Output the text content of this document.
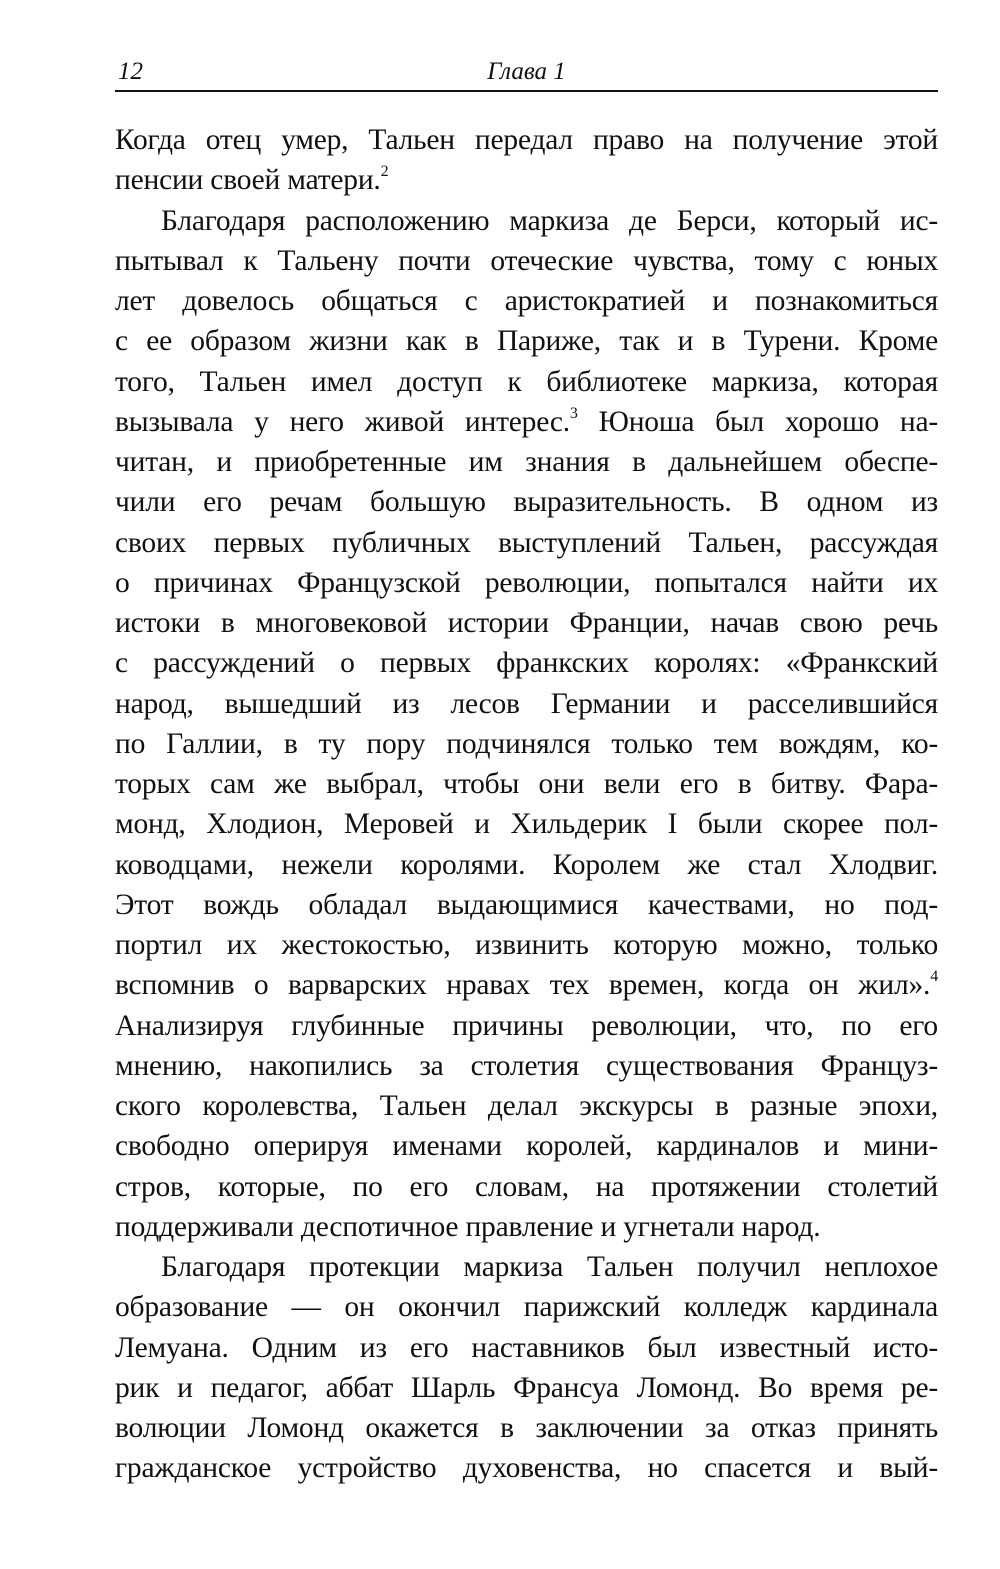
12	Глава 1
Когда отец умер, Тальен передал право на получение этой
пенсии своей матери.$^2$
Благодаря расположению маркиза де Берси, который ис-
пытывал к Тальену почти отеческие чувства, тому с юных
лет довелось общаться с аристократией и познакомиться
с ее образом жизни как в Париже, так и в Турени. Кроме
того, Тальен имел доступ к библиотеке маркиза, которая
вызывала у него живой интерес.$^3$ Юноша был хорошо на-
читан, и приобретенные им знания в дальнейшем обеспе-
чили его речам большую выразительность. В одном из
своих первых публичных выступлений Тальен, рассуждая
о причинах Французской революции, попытался найти их
истоки в многовековой истории Франции, начав свою речь
с рассуждений о первых франкских королях: «Франкский
народ, вышедший из лесов Германии и расселившийся
по Галлии, в ту пору подчинялся только тем вождям, ко-
торых сам же выбрал, чтобы они вели его в битву. Фара-
монд, Хлодион, Меровей и Хильдерик I были скорее пол-
ководцами, нежели королями. Королем же стал Хлодвиг.
Этот вождь обладал выдающимися качествами, но под-
портил их жестокостью, извинить которую можно, только
вспомнив о варварских нравах тех времен, когда он жил».$^4$
Анализируя глубинные причины революции, что, по его
мнению, накопились за столетия существования Француз-
ского королевства, Тальен делал экскурсы в разные эпохи,
свободно оперируя именами королей, кардиналов и мини-
стров, которые, по его словам, на протяжении столетий
поддерживали деспотичное правление и угнетали народ.
Благодаря протекции маркиза Тальен получил неплохое
образование — он окончил парижский колледж кардинала
Лемуана. Одним из его наставников был известный исто-
рик и педагог, аббат Шарль Франсуа Ломонд. Во время ре-
волюции Ломонд окажется в заключении за отказ принять
гражданское устройство духовенства, но спасется и вый-
